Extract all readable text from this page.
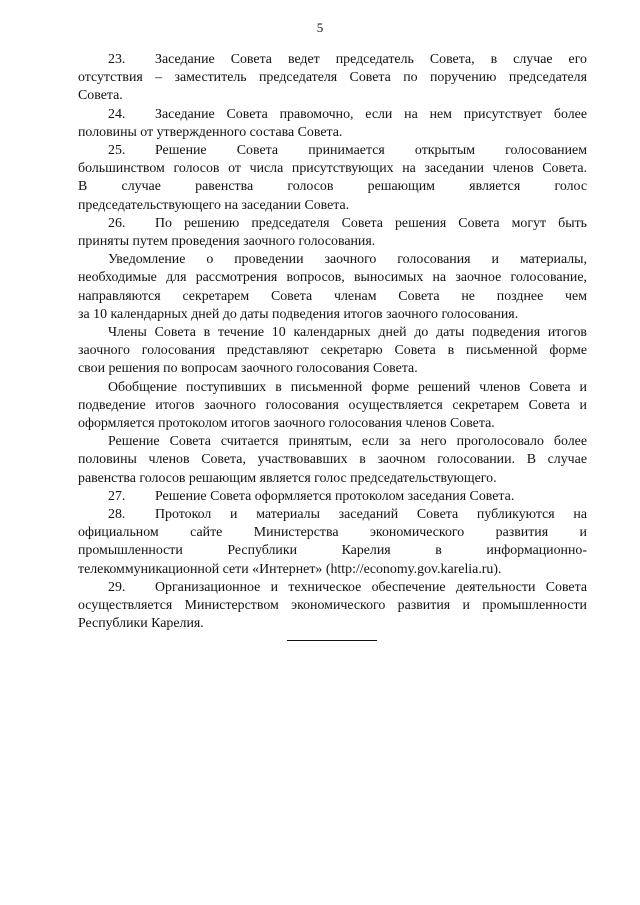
5
23. Заседание Совета ведет председатель Совета, в случае его
отсутствия – заместитель председателя Совета по поручению председателя
Совета.
24. Заседание Совета правомочно, если на нем присутствует более
половины от утвержденного состава Совета.
25. Решение Совета принимается открытым голосованием
большинством голосов от числа присутствующих на заседании членов Совета.
В случае равенства голосов решающим является голос
председательствующего на заседании Совета.
26. По решению председателя Совета решения Совета могут быть
приняты путем проведения заочного голосования.
Уведомление о проведении заочного голосования и материалы,
необходимые для рассмотрения вопросов, выносимых на заочное голосование,
направляются секретарем Совета членам Совета не позднее чем
за 10 календарных дней до даты подведения итогов заочного голосования.
Члены Совета в течение 10 календарных дней до даты подведения итогов
заочного голосования представляют секретарю Совета в письменной форме
свои решения по вопросам заочного голосования Совета.
Обобщение поступивших в письменной форме решений членов Совета и
подведение итогов заочного голосования осуществляется секретарем Совета и
оформляется протоколом итогов заочного голосования членов Совета.
Решение Совета считается принятым, если за него проголосовало более
половины членов Совета, участвовавших в заочном голосовании. В случае
равенства голосов решающим является голос председательствующего.
27. Решение Совета оформляется протоколом заседания Совета.
28. Протокол и материалы заседаний Совета публикуются на
официальном сайте Министерства экономического развития и
промышленности Республики Карелия в информационно-
телекоммуникационной сети «Интернет» (http://economy.gov.karelia.ru).
29. Организационное и техническое обеспечение деятельности Совета
осуществляется Министерством экономического развития и промышленности
Республики Карелия.
